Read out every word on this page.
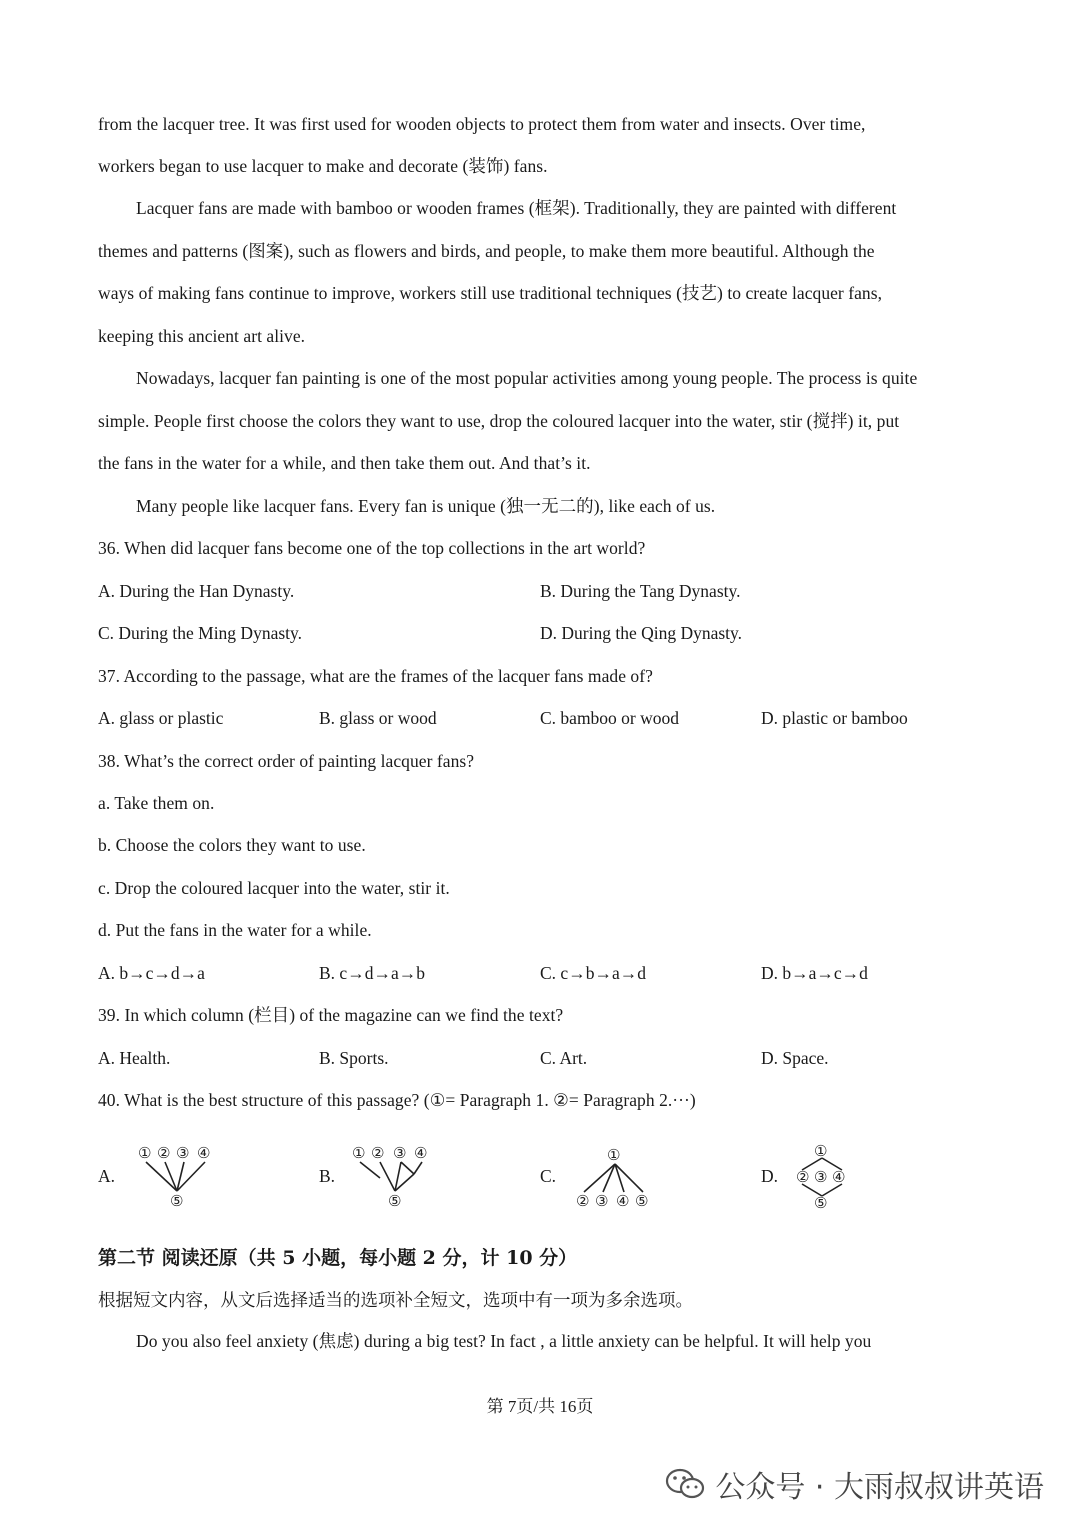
from the lacquer tree. It was first used for wooden objects to protect them from water and insects. Over time,
workers began to use lacquer to make and decorate (装饰) fans.
Lacquer fans are made with bamboo or wooden frames (框架). Traditionally, they are painted with different
themes and patterns (图案), such as flowers and birds, and people, to make them more beautiful. Although the
ways of making fans continue to improve, workers still use traditional techniques (技艺) to create lacquer fans,
keeping this ancient art alive.
Nowadays, lacquer fan painting is one of the most popular activities among young people. The process is quite
simple. People first choose the colors they want to use, drop the coloured lacquer into the water, stir (搅拌) it, put
the fans in the water for a while, and then take them out. And that’s it.
Many people like lacquer fans. Every fan is unique (独一无二的), like each of us.
36. When did lacquer fans become one of the top collections in the art world?
A. During the Han Dynasty.	B. During the Tang Dynasty.
C. During the Ming Dynasty.	D. During the Qing Dynasty.
37. According to the passage, what are the frames of the lacquer fans made of?
A. glass or plastic	B. glass or wood	C. bamboo or wood	D. plastic or bamboo
38. What’s the correct order of painting lacquer fans?
a. Take them on.
b. Choose the colors they want to use.
c. Drop the coloured lacquer into the water, stir it.
d. Put the fans in the water for a while.
A. b→c→d→a	B. c→d→a→b	C. c→b→a→d	D. b→a→c→d
39. In which column (栏目) of the magazine can we find the text?
A. Health.	B. Sports.	C. Art.	D. Space.
40. What is the best structure of this passage? (①= Paragraph 1. ②= Paragraph 2.···)
A.
① ② ③ ④
⑤
B.
① ② ③ ④
⑤
C.
①
② ③ ④ ⑤
D.
①
② ③ ④
⑤
第二节 阅读还原（共 5 小题，每小题 2 分，计 10 分）
根据短文内容，从文后选择适当的选项补全短文，选项中有一项为多余选项。
Do you also feel anxiety (焦虑) during a big test? In fact , a little anxiety can be helpful. It will help you
第 7页/共 16页
公众号 · 大雨叔叔讲英语
